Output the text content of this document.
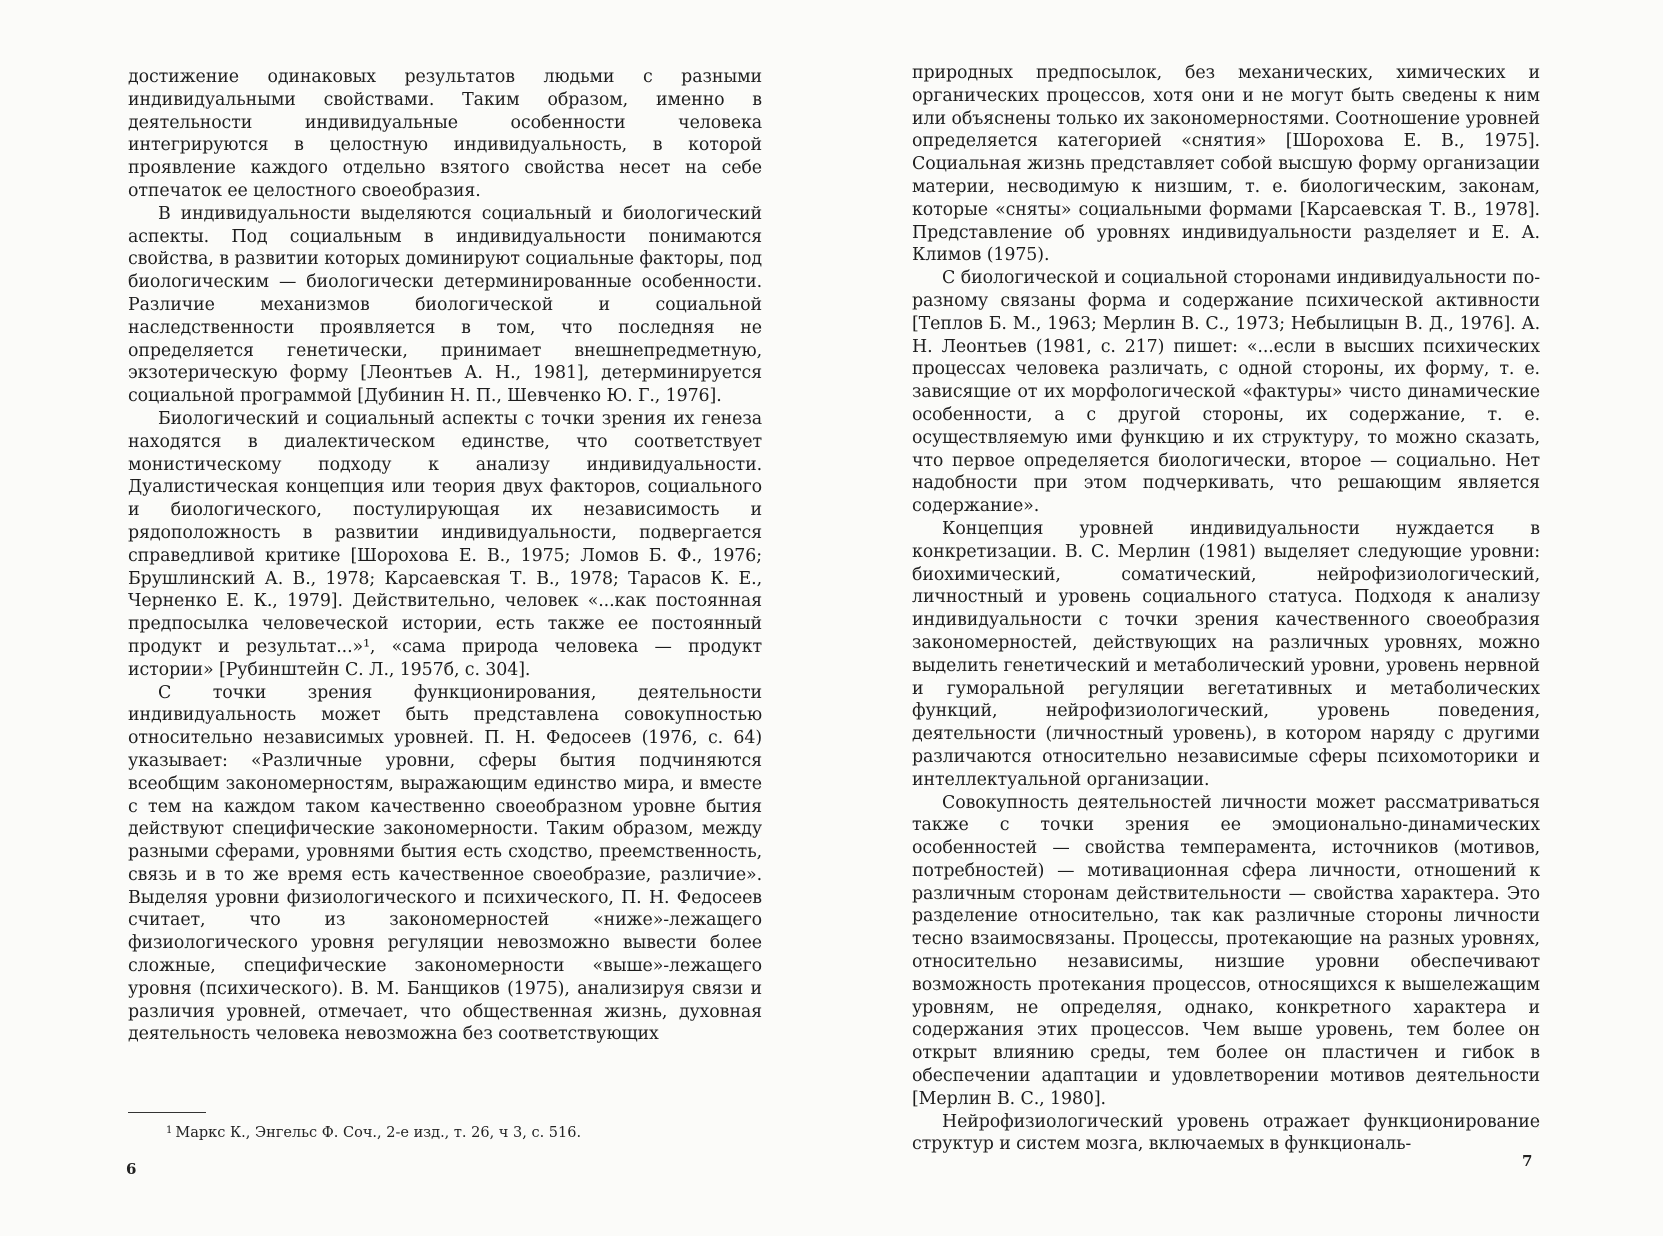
достижение одинаковых результатов людьми с разными индивидуальными свойствами. Таким образом, именно в деятельности индивидуальные особенности человека интегрируются в целостную индивидуальность, в которой проявление каждого отдельно взятого свойства несет на себе отпечаток ее целостного своеобразия.

В индивидуальности выделяются социальный и биологический аспекты. Под социальным в индивидуальности понимаются свойства, в развитии которых доминируют социальные факторы, под биологическим — биологически детерминированные особенности. Различие механизмов биологической и социальной наследственности проявляется в том, что последняя не определяется генетически, принимает внешнепредметную, экзотерическую форму [Леонтьев А. Н., 1981], детерминируется социальной программой [Дубинин Н. П., Шевченко Ю. Г., 1976].

Биологический и социальный аспекты с точки зрения их генеза находятся в диалектическом единстве, что соответствует монистическому подходу к анализу индивидуальности. Дуалистическая концепция или теория двух факторов, социального и биологического, постулирующая их независимость и рядоположность в развитии индивидуальности, подвергается справедливой критике [Шорохова Е. В., 1975; Ломов Б. Ф., 1976; Брушлинский А. В., 1978; Карсаевская Т. В., 1978; Тарасов К. Е., Черненко Е. К., 1979]. Действительно, человек «...как постоянная предпосылка человеческой истории, есть также ее постоянный продукт и результат...»¹, «сама природа человека — продукт истории» [Рубинштейн С. Л., 1957б, с. 304].

С точки зрения функционирования, деятельности индивидуальность может быть представлена совокупностью относительно независимых уровней. П. Н. Федосеев (1976, с. 64) указывает: «Различные уровни, сферы бытия подчиняются всеобщим закономерностям, выражающим единство мира, и вместе с тем на каждом таком качественно своеобразном уровне бытия действуют специфические закономерности. Таким образом, между разными сферами, уровнями бытия есть сходство, преемственность, связь и в то же время есть качественное своеобразие, различие». Выделяя уровни физиологического и психического, П. Н. Федосеев считает, что из закономерностей «ниже»-лежащего физиологического уровня регуляции невозможно вывести более сложные, специфические закономерности «выше»-лежащего уровня (психического). В. М. Банщиков (1975), анализируя связи и различия уровней, отмечает, что общественная жизнь, духовная деятельность человека невозможна без соответствующих

$^1$ Маркс К., Энгельс Ф. Соч., 2-е изд., т. 26, ч 3, с. 516.
6

природных предпосылок, без механических, химических и органических процессов, хотя они и не могут быть сведены к ним или объяснены только их закономерностями. Соотношение уровней определяется категорией «снятия» [Шорохова Е. В., 1975]. Социальная жизнь представляет собой высшую форму организации материи, несводимую к низшим, т. е. биологическим, законам, которые «сняты» социальными формами [Карсаевская Т. В., 1978]. Представление об уровнях индивидуальности разделяет и Е. А. Климов (1975).

С биологической и социальной сторонами индивидуальности по-разному связаны форма и содержание психической активности [Теплов Б. М., 1963; Мерлин В. С., 1973; Небылицын В. Д., 1976]. А. Н. Леонтьев (1981, с. 217) пишет: «...если в высших психических процессах человека различать, с одной стороны, их форму, т. е. зависящие от их морфологической «фактуры» чисто динамические особенности, а с другой стороны, их содержание, т. е. осуществляемую ими функцию и их структуру, то можно сказать, что первое определяется биологически, второе — социально. Нет надобности при этом подчеркивать, что решающим является содержание».

Концепция уровней индивидуальности нуждается в конкретизации. В. С. Мерлин (1981) выделяет следующие уровни: биохимический, соматический, нейрофизиологический, личностный и уровень социального статуса. Подходя к анализу индивидуальности с точки зрения качественного своеобразия закономерностей, действующих на различных уровнях, можно выделить генетический и метаболический уровни, уровень нервной и гуморальной регуляции вегетативных и метаболических функций, нейрофизиологический, уровень поведения, деятельности (личностный уровень), в котором наряду с другими различаются относительно независимые сферы психомоторики и интеллектуальной организации.

Совокупность деятельностей личности может рассматриваться также с точки зрения ее эмоционально-динамических особенностей — свойства темперамента, источников (мотивов, потребностей) — мотивационная сфера личности, отношений к различным сторонам действительности — свойства характера. Это разделение относительно, так как различные стороны личности тесно взаимосвязаны. Процессы, протекающие на разных уровнях, относительно независимы, низшие уровни обеспечивают возможность протекания процессов, относящихся к вышележащим уровням, не определяя, однако, конкретного характера и содержания этих процессов. Чем выше уровень, тем более он открыт влиянию среды, тем более он пластичен и гибок в обеспечении адаптации и удовлетворении мотивов деятельности [Мерлин В. С., 1980].

Нейрофизиологический уровень отражает функционирование структур и систем мозга, включаемых в функциональ-

7
